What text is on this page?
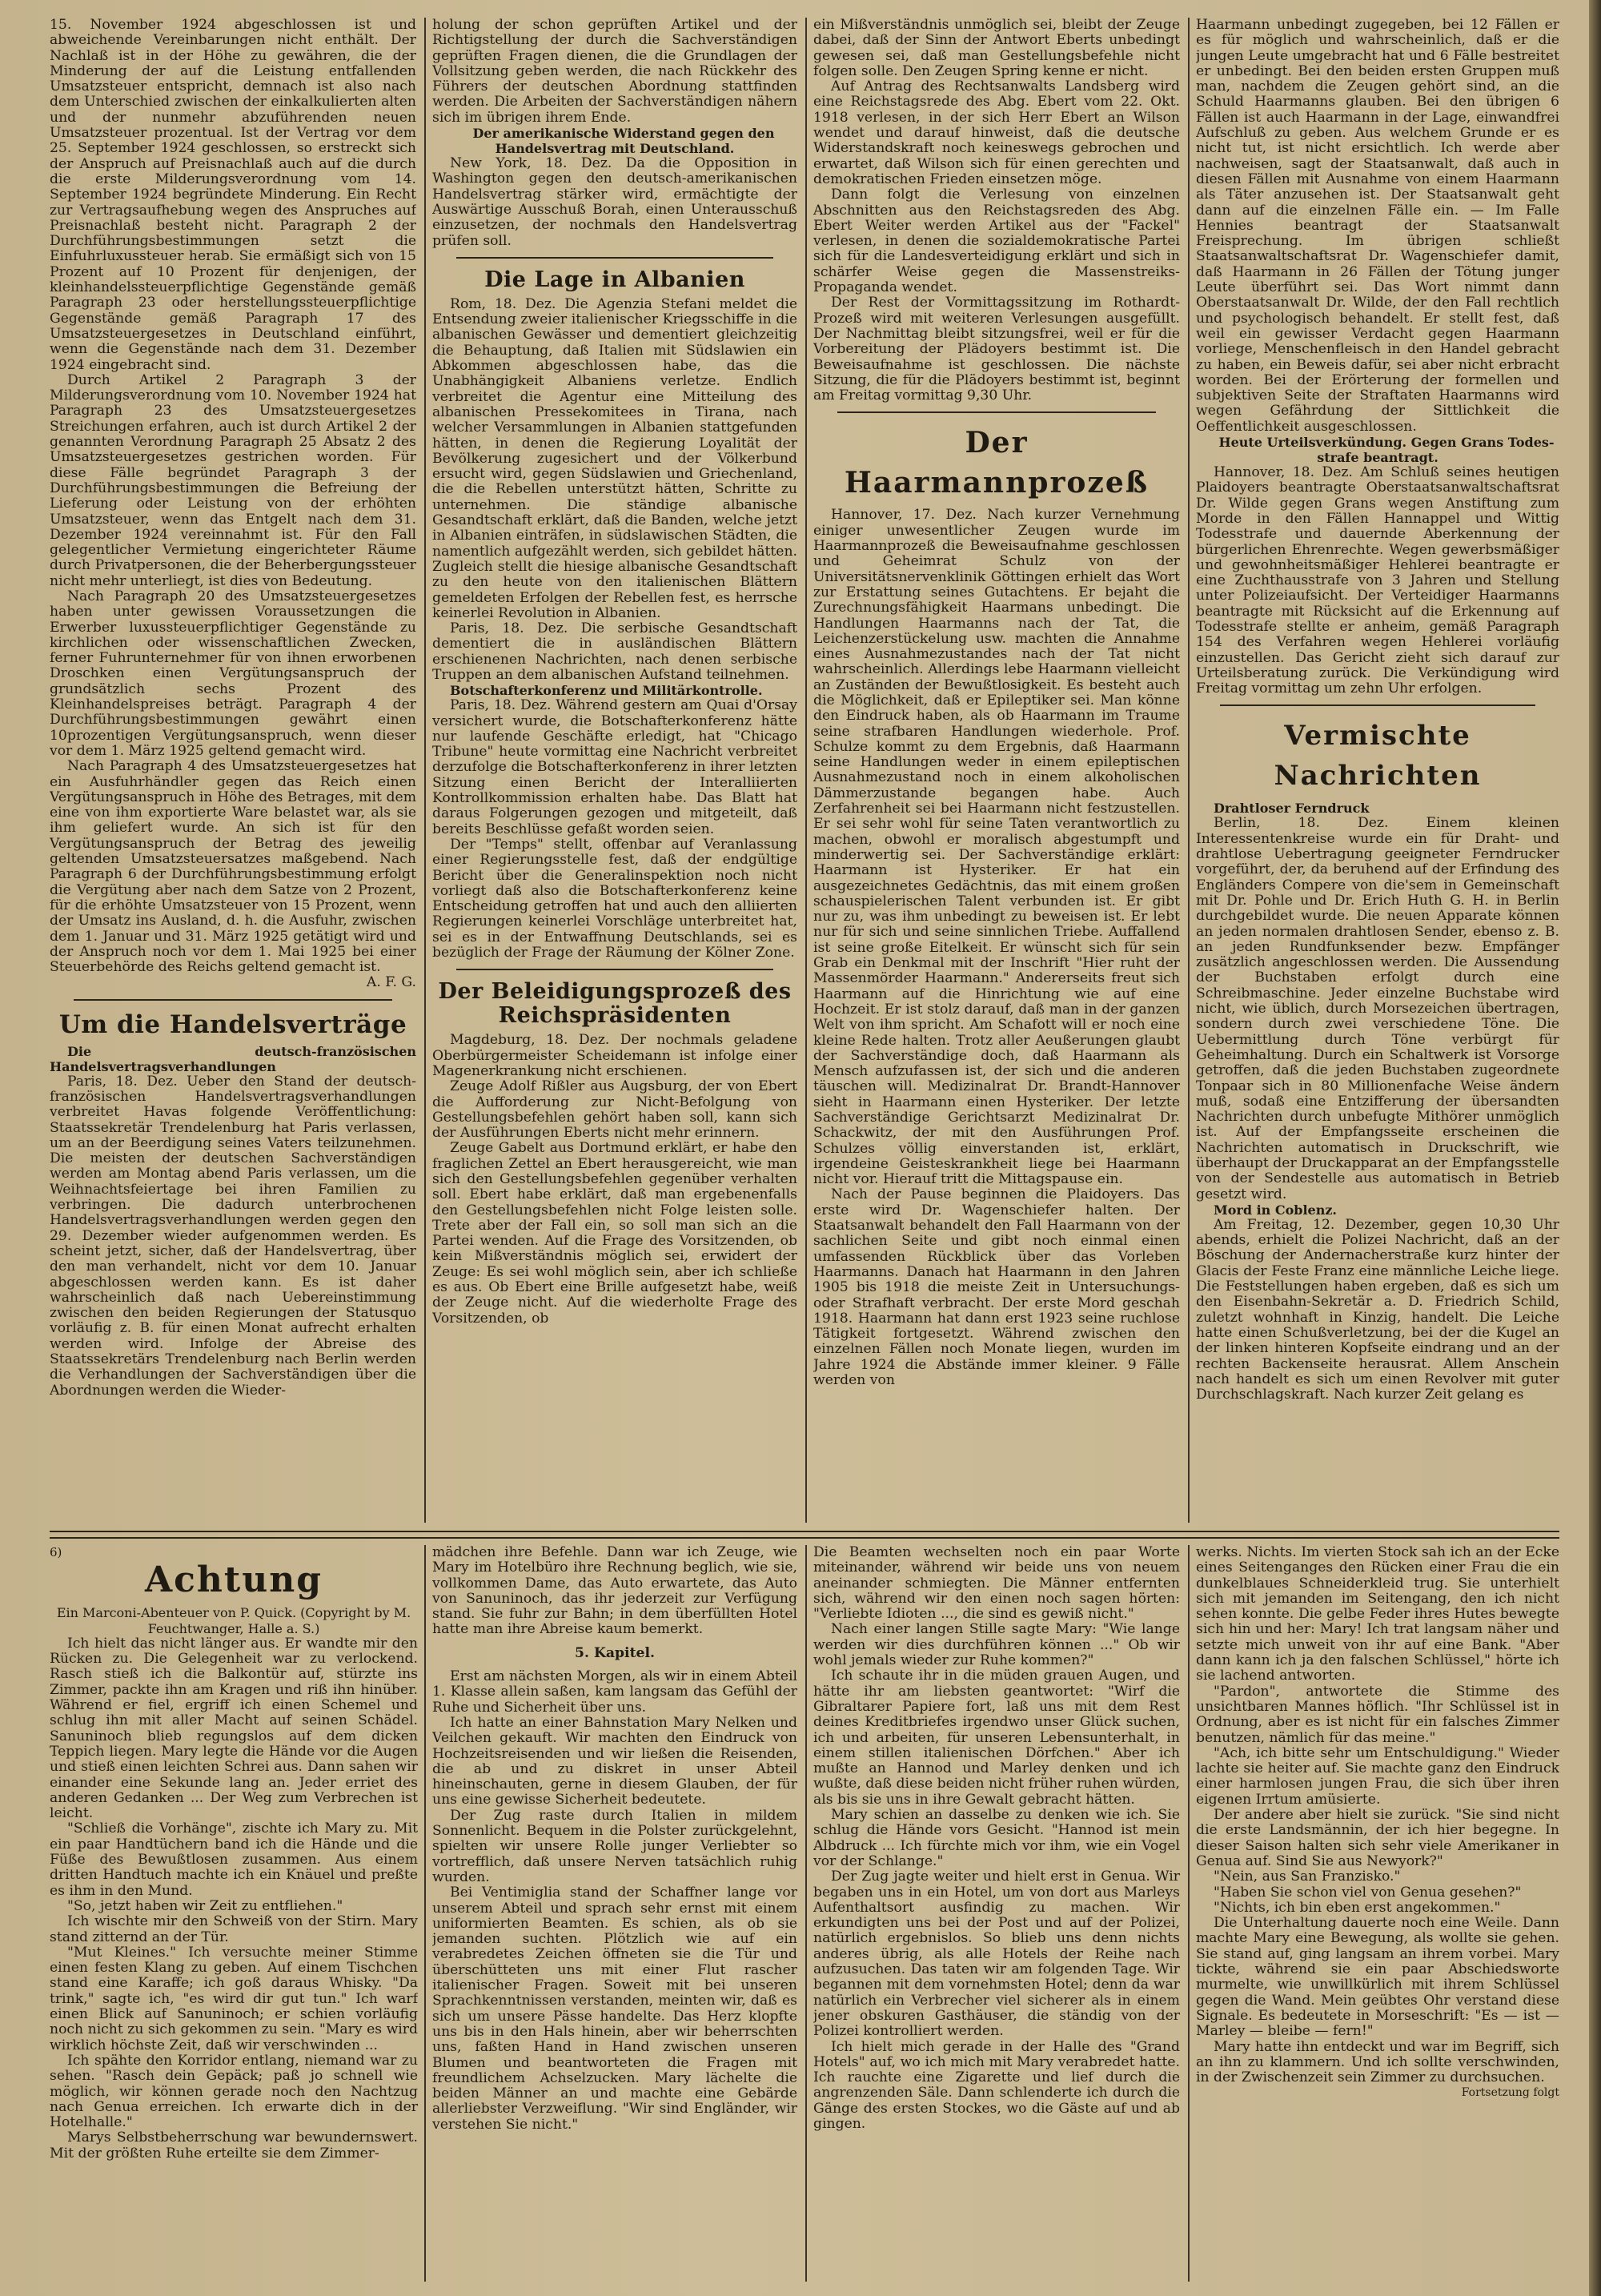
15. November 1924 abgeschlossen ist und abweichende Vereinbarungen nicht enthält. Der Nachlaß ist in der Höhe zu gewähren, die der Minderung der auf die Leistung entfallenden Umsatzsteuer entspricht, demnach ist also nach dem Unterschied zwischen der einkalkulierten alten und der nunmehr abzuführenden neuen Umsatzsteuer prozentual. Ist der Vertrag vor dem 25. September 1924 geschlossen, so erstreckt sich der Anspruch auf Preisnachlaß auch auf die durch die erste Milderungsverordnung vom 14. September 1924 begründete Minderung. Ein Recht zur Vertragsaufhebung wegen des Anspruches auf Preisnachlaß besteht nicht. Paragraph 2 der Durchführungsbestimmungen setzt die Einfuhrluxussteuer herab. Sie ermäßigt sich von 15 Prozent auf 10 Prozent für denjenigen, der kleinhandelssteuerpflichtige Gegenstände gemäß Paragraph 23 oder herstellungssteuerpflichtige Gegenstände gemäß Paragraph 17 des Umsatzsteuergesetzes in Deutschland einführt, wenn die Gegenstände nach dem 31. Dezember 1924 eingebracht sind.

Durch Artikel 2 Paragraph 3 der Milderungsverordnung vom 10. November 1924 hat Paragraph 23 des Umsatzsteuergesetzes Streichungen erfahren, auch ist durch Artikel 2 der genannten Verordnung Paragraph 25 Absatz 2 des Umsatzsteuergesetzes gestrichen worden. Für diese Fälle begründet Paragraph 3 der Durchführungsbestimmungen die Befreiung der Lieferung oder Leistung von der erhöhten Umsatzsteuer, wenn das Entgelt nach dem 31. Dezember 1924 vereinnahmt ist. Für den Fall gelegentlicher Vermietung eingerichteter Räume durch Privatpersonen, die der Beherbergungssteuer nicht mehr unterliegt, ist dies von Bedeutung.

Nach Paragraph 20 des Umsatzsteuergesetzes haben unter gewissen Voraussetzungen die Erwerber luxussteuerpflichtiger Gegenstände zu kirchlichen oder wissenschaftlichen Zwecken, ferner Fuhrunternehmer für von ihnen erworbenen Droschken einen Vergütungsanspruch der grundsätzlich sechs Prozent des Kleinhandelspreises beträgt. Paragraph 4 der Durchführungsbestimmungen gewährt einen 10prozentigen Vergütungsanspruch, wenn dieser vor dem 1. März 1925 geltend gemacht wird.

Nach Paragraph 4 des Umsatzsteuergesetzes hat ein Ausfuhrhändler gegen das Reich einen Vergütungsanspruch in Höhe des Betrages, mit dem eine von ihm exportierte Ware belastet war, als sie ihm geliefert wurde. An sich ist für den Vergütungsanspruch der Betrag des jeweilig geltenden Umsatzsteuersatzes maßgebend. Nach Paragraph 6 der Durchführungsbestimmung erfolgt die Vergütung aber nach dem Satze von 2 Prozent, für die erhöhte Umsatzsteuer von 15 Prozent, wenn der Umsatz ins Ausland, d. h. die Ausfuhr, zwischen dem 1. Januar und 31. März 1925 getätigt wird und der Anspruch noch vor dem 1. Mai 1925 bei einer Steuerbehörde des Reichs geltend gemacht ist.

A. F. G.

Um die Handelsverträge

Die deutsch-französischen Handelsvertragsverhandlungen

Paris, 18. Dez. Ueber den Stand der deutsch-französischen Handelsvertragsverhandlungen verbreitet Havas folgende Veröffentlichung: Staatssekretär Trendelenburg hat Paris verlassen, um an der Beerdigung seines Vaters teilzunehmen. Die meisten der deutschen Sachverständigen werden am Montag abend Paris verlassen, um die Weihnachtsfeiertage bei ihren Familien zu verbringen. Die dadurch unterbrochenen Handelsvertragsverhandlungen werden gegen den 29. Dezember wieder aufgenommen werden. Es scheint jetzt, sicher, daß der Handelsvertrag, über den man verhandelt, nicht vor dem 10. Januar abgeschlossen werden kann. Es ist daher wahrscheinlich daß nach Uebereinstimmung zwischen den beiden Regierungen der Statusquo vorläufig z. B. für einen Monat aufrecht erhalten werden wird. Infolge der Abreise des Staatssekretärs Trendelenburg nach Berlin werden die Verhandlungen der Sachverständigen über die Abordnungen werden die Wieder-

holung der schon geprüften Artikel und der Richtigstellung der durch die Sachverständigen geprüften Fragen dienen, die die Grundlagen der Vollsitzung geben werden, die nach Rückkehr des Führers der deutschen Abordnung stattfinden werden. Die Arbeiten der Sachverständigen nähern sich im übrigen ihrem Ende.

Der amerikanische Widerstand gegen den Handelsvertrag mit Deutschland.

New York, 18. Dez. Da die Opposition in Washington gegen den deutsch-amerikanischen Handelsvertrag stärker wird, ermächtigte der Auswärtige Ausschuß Borah, einen Unterausschuß einzusetzen, der nochmals den Handelsvertrag prüfen soll.

Die Lage in Albanien

Rom, 18. Dez. Die Agenzia Stefani meldet die Entsendung zweier italienischer Kriegsschiffe in die albanischen Gewässer und dementiert gleichzeitig die Behauptung, daß Italien mit Südslawien ein Abkommen abgeschlossen habe, das die Unabhängigkeit Albaniens verletze. Endlich verbreitet die Agentur eine Mitteilung des albanischen Pressekomitees in Tirana, nach welcher Versammlungen in Albanien stattgefunden hätten, in denen die Regierung Loyalität der Bevölkerung zugesichert und der Völkerbund ersucht wird, gegen Südslawien und Griechenland, die die Rebellen unterstützt hätten, Schritte zu unternehmen. Die ständige albanische Gesandtschaft erklärt, daß die Banden, welche jetzt in Albanien einträfen, in südslawischen Städten, die namentlich aufgezählt werden, sich gebildet hätten. Zugleich stellt die hiesige albanische Gesandtschaft zu den heute von den italienischen Blättern gemeldeten Erfolgen der Rebellen fest, es herrsche keinerlei Revolution in Albanien.

Paris, 18. Dez. Die serbische Gesandtschaft dementiert die in ausländischen Blättern erschienenen Nachrichten, nach denen serbische Truppen an dem albanischen Aufstand teilnehmen.

Botschafterkonferenz und Militärkontrolle.

Paris, 18. Dez. Während gestern am Quai d'Orsay versichert wurde, die Botschafterkonferenz hätte nur laufende Geschäfte erledigt, hat "Chicago Tribune" heute vormittag eine Nachricht verbreitet derzufolge die Botschafterkonferenz in ihrer letzten Sitzung einen Bericht der Interalliierten Kontrollkommission erhalten habe. Das Blatt hat daraus Folgerungen gezogen und mitgeteilt, daß bereits Beschlüsse gefaßt worden seien.

Der "Temps" stellt, offenbar auf Veranlassung einer Regierungsstelle fest, daß der endgültige Bericht über die Generalinspektion noch nicht vorliegt daß also die Botschafterkonferenz keine Entscheidung getroffen hat und auch den alliierten Regierungen keinerlei Vorschläge unterbreitet hat, sei es in der Entwaffnung Deutschlands, sei es bezüglich der Frage der Räumung der Kölner Zone.

Der Beleidigungsprozeß des Reichspräsidenten

Magdeburg, 18. Dez. Der nochmals geladene Oberbürgermeister Scheidemann ist infolge einer Magenerkrankung nicht erschienen.

Zeuge Adolf Rißler aus Augsburg, der von Ebert die Aufforderung zur Nicht-Befolgung von Gestellungsbefehlen gehört haben soll, kann sich der Ausführungen Eberts nicht mehr erinnern.

Zeuge Gabelt aus Dortmund erklärt, er habe den fraglichen Zettel an Ebert herausgereicht, wie man sich den Gestellungsbefehlen gegenüber verhalten soll. Ebert habe erklärt, daß man ergebenenfalls den Gestellungsbefehlen nicht Folge leisten solle. Trete aber der Fall ein, so soll man sich an die Partei wenden. Auf die Frage des Vorsitzenden, ob kein Mißverständnis möglich sei, erwidert der Zeuge: Es sei wohl möglich sein, aber ich schließe es aus. Ob Ebert eine Brille aufgesetzt habe, weiß der Zeuge nicht. Auf die wiederholte Frage des Vorsitzenden, ob

ein Mißverständnis unmöglich sei, bleibt der Zeuge dabei, daß der Sinn der Antwort Eberts unbedingt gewesen sei, daß man Gestellungsbefehle nicht folgen solle. Den Zeugen Spring kenne er nicht.

Auf Antrag des Rechtsanwalts Landsberg wird eine Reichstagsrede des Abg. Ebert vom 22. Okt. 1918 verlesen, in der sich Herr Ebert an Wilson wendet und darauf hinweist, daß die deutsche Widerstandskraft noch keineswegs gebrochen und erwartet, daß Wilson sich für einen gerechten und demokratischen Frieden einsetzen möge.

Dann folgt die Verlesung von einzelnen Abschnitten aus den Reichstagsreden des Abg. Ebert Weiter werden Artikel aus der "Fackel" verlesen, in denen die sozialdemokratische Partei sich für die Landesverteidigung erklärt und sich in schärfer Weise gegen die Massenstreiks-Propaganda wendet.

Der Rest der Vormittagssitzung im Rothardt-Prozeß wird mit weiteren Verlesungen ausgefüllt. Der Nachmittag bleibt sitzungsfrei, weil er für die Vorbereitung der Plädoyers bestimmt ist. Die Beweisaufnahme ist geschlossen. Die nächste Sitzung, die für die Plädoyers bestimmt ist, beginnt am Freitag vormittag 9,30 Uhr.

Der Haarmannprozeß

Hannover, 17. Dez. Nach kurzer Vernehmung einiger unwesentlicher Zeugen wurde im Haarmannprozeß die Beweisaufnahme geschlossen und Geheimrat Schulz von der Universitätsnervenklinik Göttingen erhielt das Wort zur Erstattung seines Gutachtens. Er bejaht die Zurechnungsfähigkeit Haarmans unbedingt. Die Handlungen Haarmanns nach der Tat, die Leichenzerstückelung usw. machten die Annahme eines Ausnahmezustandes nach der Tat nicht wahrscheinlich. Allerdings lebe Haarmann vielleicht an Zuständen der Bewußtlosigkeit. Es besteht auch die Möglichkeit, daß er Epileptiker sei. Man könne den Eindruck haben, als ob Haarmann im Traume seine strafbaren Handlungen wiederhole. Prof. Schulze kommt zu dem Ergebnis, daß Haarmann seine Handlungen weder in einem epileptischen Ausnahmezustand noch in einem alkoholischen Dämmerzustande begangen habe. Auch Zerfahrenheit sei bei Haarmann nicht festzustellen. Er sei sehr wohl für seine Taten verantwortlich zu machen, obwohl er moralisch abgestumpft und minderwertig sei. Der Sachverständige erklärt: Haarmann ist Hysteriker. Er hat ein ausgezeichnetes Gedächtnis, das mit einem großen schauspielerischen Talent verbunden ist. Er gibt nur zu, was ihm unbedingt zu beweisen ist. Er lebt nur für sich und seine sinnlichen Triebe. Auffallend ist seine große Eitelkeit. Er wünscht sich für sein Grab ein Denkmal mit der Inschrift "Hier ruht der Massenmörder Haarmann." Andererseits freut sich Haarmann auf die Hinrichtung wie auf eine Hochzeit. Er ist stolz darauf, daß man in der ganzen Welt von ihm spricht. Am Schafott will er noch eine kleine Rede halten. Trotz aller Aeußerungen glaubt der Sachverständige doch, daß Haarmann als Mensch aufzufassen ist, der sich und die anderen täuschen will. Medizinalrat Dr. Brandt-Hannover sieht in Haarmann einen Hysteriker. Der letzte Sachverständige Gerichtsarzt Medizinalrat Dr. Schackwitz, der mit den Ausführungen Prof. Schulzes völlig einverstanden ist, erklärt, irgendeine Geisteskrankheit liege bei Haarmann nicht vor. Hierauf tritt die Mittagspause ein.

Nach der Pause beginnen die Plaidoyers. Das erste wird Dr. Wagenschiefer halten. Der Staatsanwalt behandelt den Fall Haarmann von der sachlichen Seite und gibt noch einmal einen umfassenden Rückblick über das Vorleben Haarmanns. Danach hat Haarmann in den Jahren 1905 bis 1918 die meiste Zeit in Untersuchungs- oder Strafhaft verbracht. Der erste Mord geschah 1918. Haarmann hat dann erst 1923 seine ruchlose Tätigkeit fortgesetzt. Während zwischen den einzelnen Fällen noch Monate liegen, wurden im Jahre 1924 die Abstände immer kleiner. 9 Fälle werden von

Haarmann unbedingt zugegeben, bei 12 Fällen er es für möglich und wahrscheinlich, daß er die jungen Leute umgebracht hat und 6 Fälle bestreitet er unbedingt. Bei den beiden ersten Gruppen muß man, nachdem die Zeugen gehört sind, an die Schuld Haarmanns glauben. Bei den übrigen 6 Fällen ist auch Haarmann in der Lage, einwandfrei Aufschluß zu geben. Aus welchem Grunde er es nicht tut, ist nicht ersichtlich. Ich werde aber nachweisen, sagt der Staatsanwalt, daß auch in diesen Fällen mit Ausnahme von einem Haarmann als Täter anzusehen ist. Der Staatsanwalt geht dann auf die einzelnen Fälle ein. — Im Falle Hennies beantragt der Staatsanwalt Freisprechung. Im übrigen schließt Staatsanwaltschaftsrat Dr. Wagenschiefer damit, daß Haarmann in 26 Fällen der Tötung junger Leute überführt sei. Das Wort nimmt dann Oberstaatsanwalt Dr. Wilde, der den Fall rechtlich und psychologisch behandelt. Er stellt fest, daß weil ein gewisser Verdacht gegen Haarmann vorliege, Menschenfleisch in den Handel gebracht zu haben, ein Beweis dafür, sei aber nicht erbracht worden. Bei der Erörterung der formellen und subjektiven Seite der Straftaten Haarmanns wird wegen Gefährdung der Sittlichkeit die Oeffentlichkeit ausgeschlossen.

Heute Urteilsverkündung. Gegen Grans Todes-strafe beantragt.

Hannover, 18. Dez. Am Schluß seines heutigen Plaidoyers beantragte Oberstaatsanwaltschaftsrat Dr. Wilde gegen Grans wegen Anstiftung zum Morde in den Fällen Hannappel und Wittig Todesstrafe und dauernde Aberkennung der bürgerlichen Ehrenrechte. Wegen gewerbsmäßiger und gewohnheitsmäßiger Hehlerei beantragte er eine Zuchthausstrafe von 3 Jahren und Stellung unter Polizeiaufsicht. Der Verteidiger Haarmanns beantragte mit Rücksicht auf die Erkennung auf Todesstrafe stellte er anheim, gemäß Paragraph 154 des Verfahren wegen Hehlerei vorläufig einzustellen. Das Gericht zieht sich darauf zur Urteilsberatung zurück. Die Verkündigung wird Freitag vormittag um zehn Uhr erfolgen.

Vermischte Nachrichten

Drahtloser Ferndruck

Berlin, 18. Dez. Einem kleinen Interessentenkreise wurde ein für Draht- und drahtlose Uebertragung geeigneter Ferndrucker vorgeführt, der, da beruhend auf der Erfindung des Engländers Compere von die'sem in Gemeinschaft mit Dr. Pohle und Dr. Erich Huth G. H. in Berlin durchgebildet wurde. Die neuen Apparate können an jeden normalen drahtlosen Sender, ebenso z. B. an jeden Rundfunksender bezw. Empfänger zusätzlich angeschlossen werden. Die Aussendung der Buchstaben erfolgt durch eine Schreibmaschine. Jeder einzelne Buchstabe wird nicht, wie üblich, durch Morsezeichen übertragen, sondern durch zwei verschiedene Töne. Die Uebermittlung durch Töne verbürgt für Geheimhaltung. Durch ein Schaltwerk ist Vorsorge getroffen, daß die jeden Buchstaben zugeordnete Tonpaar sich in 80 Millionenfache Weise ändern muß, sodaß eine Entzifferung der übersandten Nachrichten durch unbefugte Mithörer unmöglich ist. Auf der Empfangsseite erscheinen die Nachrichten automatisch in Druckschrift, wie überhaupt der Druckapparat an der Empfangsstelle von der Sendestelle aus automatisch in Betrieb gesetzt wird.

Mord in Coblenz.

Am Freitag, 12. Dezember, gegen 10,30 Uhr abends, erhielt die Polizei Nachricht, daß an der Böschung der Andernacherstraße kurz hinter der Glacis der Feste Franz eine männliche Leiche liege. Die Feststellungen haben ergeben, daß es sich um den Eisenbahn-Sekretär a. D. Friedrich Schild, zuletzt wohnhaft in Kinzig, handelt. Die Leiche hatte einen Schußverletzung, bei der die Kugel an der linken hinteren Kopfseite eindrang und an der rechten Backenseite herausrat. Allem Anschein nach handelt es sich um einen Revolver mit guter Durchschlagskraft. Nach kurzer Zeit gelang es

6)

Achtung

Ein Marconi-Abenteuer von P. Quick. (Copyright by M. Feuchtwanger, Halle a. S.)

Ich hielt das nicht länger aus. Er wandte mir den Rücken zu. Die Gelegenheit war zu verlockend. Rasch stieß ich die Balkontür auf, stürzte ins Zimmer, packte ihn am Kragen und riß ihn hinüber. Während er fiel, ergriff ich einen Schemel und schlug ihn mit aller Macht auf seinen Schädel. Sanuninoch blieb regungslos auf dem dicken Teppich liegen. Mary legte die Hände vor die Augen und stieß einen leichten Schrei aus. Dann sahen wir einander eine Sekunde lang an. Jeder erriet des anderen Gedanken ... Der Weg zum Verbrechen ist leicht.

"Schließ die Vorhänge", zischte ich Mary zu. Mit ein paar Handtüchern band ich die Hände und die Füße des Bewußtlosen zusammen. Aus einem dritten Handtuch machte ich ein Knäuel und preßte es ihm in den Mund.

"So, jetzt haben wir Zeit zu entfliehen."

Ich wischte mir den Schweiß von der Stirn. Mary stand zitternd an der Tür.

"Mut Kleines." Ich versuchte meiner Stimme einen festen Klang zu geben. Auf einem Tischchen stand eine Karaffe; ich goß daraus Whisky. "Da trink," sagte ich, "es wird dir gut tun." Ich warf einen Blick auf Sanuninoch; er schien vorläufig noch nicht zu sich gekommen zu sein. "Mary es wird wirklich höchste Zeit, daß wir verschwinden ...

Ich spähte den Korridor entlang, niemand war zu sehen. "Rasch dein Gepäck; paß jo schnell wie möglich, wir können gerade noch den Nachtzug nach Genua erreichen. Ich erwarte dich in der Hotelhalle."

Marys Selbstbeherrschung war bewundernswert. Mit der größten Ruhe erteilte sie dem Zimmer-

mädchen ihre Befehle. Dann war ich Zeuge, wie Mary im Hotelbüro ihre Rechnung beglich, wie sie, vollkommen Dame, das Auto erwartete, das Auto von Sanuninoch, das ihr jederzeit zur Verfügung stand. Sie fuhr zur Bahn; in dem überfüllten Hotel hatte man ihre Abreise kaum bemerkt.

5. Kapitel.

Erst am nächsten Morgen, als wir in einem Abteil 1. Klasse allein saßen, kam langsam das Gefühl der Ruhe und Sicherheit über uns.

Ich hatte an einer Bahnstation Mary Nelken und Veilchen gekauft. Wir machten den Eindruck von Hochzeitsreisenden und wir ließen die Reisenden, die ab und zu diskret in unser Abteil hineinschauten, gerne in diesem Glauben, der für uns eine gewisse Sicherheit bedeutete.

Der Zug raste durch Italien in mildem Sonnenlicht. Bequem in die Polster zurückgelehnt, spielten wir unsere Rolle junger Verliebter so vortrefflich, daß unsere Nerven tatsächlich ruhig wurden.

Bei Ventimiglia stand der Schaffner lange vor unserem Abteil und sprach sehr ernst mit einem uniformierten Beamten. Es schien, als ob sie jemanden suchten. Plötzlich wie auf ein verabredetes Zeichen öffneten sie die Tür und überschütteten uns mit einer Flut rascher italienischer Fragen. Soweit mit bei unseren Sprachkenntnissen verstanden, meinten wir, daß es sich um unsere Pässe handelte. Das Herz klopfte uns bis in den Hals hinein, aber wir beherrschten uns, faßten Hand in Hand zwischen unseren Blumen und beantworteten die Fragen mit freundlichem Achselzucken. Mary lächelte die beiden Männer an und machte eine Gebärde allerliebster Verzweiflung. "Wir sind Engländer, wir verstehen Sie nicht."

Die Beamten wechselten noch ein paar Worte miteinander, während wir beide uns von neuem aneinander schmiegten. Die Männer entfernten sich, während wir den einen noch sagen hörten: "Verliebte Idioten ..., die sind es gewiß nicht."

Nach einer langen Stille sagte Mary: "Wie lange werden wir dies durchführen können ..." Ob wir wohl jemals wieder zur Ruhe kommen?"

Ich schaute ihr in die müden grauen Augen, und hätte ihr am liebsten geantwortet: "Wirf die Gibraltarer Papiere fort, laß uns mit dem Rest deines Kreditbriefes irgendwo unser Glück suchen, ich und arbeiten, für unseren Lebensunterhalt, in einem stillen italienischen Dörfchen." Aber ich mußte an Hannod und Marley denken und ich wußte, daß diese beiden nicht früher ruhen würden, als bis sie uns in ihre Gewalt gebracht hätten.

Mary schien an dasselbe zu denken wie ich. Sie schlug die Hände vors Gesicht. "Hannod ist mein Albdruck ... Ich fürchte mich vor ihm, wie ein Vogel vor der Schlange."

Der Zug jagte weiter und hielt erst in Genua. Wir begaben uns in ein Hotel, um von dort aus Marleys Aufenthaltsort ausfindig zu machen. Wir erkundigten uns bei der Post und auf der Polizei, natürlich ergebnislos. So blieb uns denn nichts anderes übrig, als alle Hotels der Reihe nach aufzusuchen. Das taten wir am folgenden Tage. Wir begannen mit dem vornehmsten Hotel; denn da war natürlich ein Verbrecher viel sicherer als in einem jener obskuren Gasthäuser, die ständig von der Polizei kontrolliert werden.

Ich hielt mich gerade in der Halle des "Grand Hotels" auf, wo ich mich mit Mary verabredet hatte. Ich rauchte eine Zigarette und lief durch die angrenzenden Säle. Dann schlenderte ich durch die Gänge des ersten Stockes, wo die Gäste auf und ab gingen.

werks. Nichts. Im vierten Stock sah ich an der Ecke eines Seitenganges den Rücken einer Frau die ein dunkelblaues Schneiderkleid trug. Sie unterhielt sich mit jemanden im Seitengang, den ich nicht sehen konnte. Die gelbe Feder ihres Hutes bewegte sich hin und her: Mary! Ich trat langsam näher und setzte mich unweit von ihr auf eine Bank. "Aber dann kann ich ja den falschen Schlüssel," hörte ich sie lachend antworten.

"Pardon", antwortete die Stimme des unsichtbaren Mannes höflich. "Ihr Schlüssel ist in Ordnung, aber es ist nicht für ein falsches Zimmer benutzen, nämlich für das meine."

"Ach, ich bitte sehr um Entschuldigung." Wieder lachte sie heiter auf. Sie machte ganz den Eindruck einer harmlosen jungen Frau, die sich über ihren eigenen Irrtum amüsierte.

Der andere aber hielt sie zurück. "Sie sind nicht die erste Landsmännin, der ich hier begegne. In dieser Saison halten sich sehr viele Amerikaner in Genua auf. Sind Sie aus Newyork?"

"Nein, aus San Franzisko."

"Haben Sie schon viel von Genua gesehen?"

"Nichts, ich bin eben erst angekommen."

Die Unterhaltung dauerte noch eine Weile. Dann machte Mary eine Bewegung, als wollte sie gehen. Sie stand auf, ging langsam an ihrem vorbei. Mary tickte, während sie ein paar Abschiedsworte murmelte, wie unwillkürlich mit ihrem Schlüssel gegen die Wand. Mein geübtes Ohr verstand diese Signale. Es bedeutete in Morseschrift: "Es — ist — Marley — bleibe — fern!"

Mary hatte ihn entdeckt und war im Begriff, sich an ihn zu klammern. Und ich sollte verschwinden, in der Zwischenzeit sein Zimmer zu durchsuchen.

Fortsetzung folgt
